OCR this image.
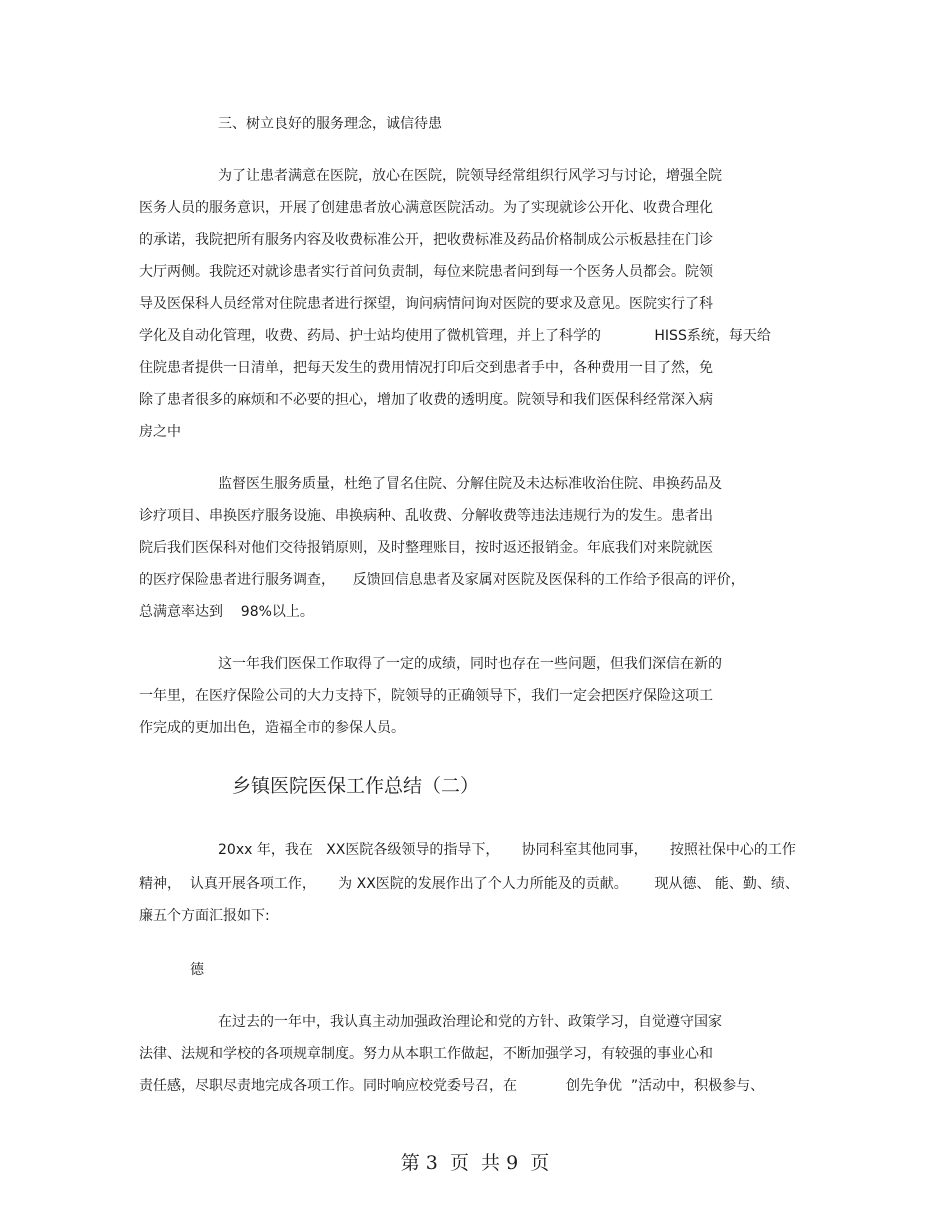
三、树立良好的服务理念，诚信待患
为了让患者满意在医院，放心在医院，院领导经常组织行风学习与讨论，增强全院
医务人员的服务意识，开展了创建患者放心满意医院活动。为了实现就诊公开化、收费合理化
的承诺，我院把所有服务内容及收费标准公开，把收费标准及药品价格制成公示板悬挂在门诊
大厅两侧。我院还对就诊患者实行首问负责制，每位来院患者问到每一个医务人员都会。院领
导及医保科人员经常对住院患者进行探望，询问病情问询对医院的要求及意见。医院实行了科
学化及自动化管理，收费、药局、护士站均使用了微机管理，并上了科学的            HISS系统，每天给
住院患者提供一日清单，把每天发生的费用情况打印后交到患者手中，各种费用一目了然，免
除了患者很多的麻烦和不必要的担心，增加了收费的透明度。院领导和我们医保科经常深入病
房之中
监督医生服务质量，杜绝了冒名住院、分解住院及未达标准收治住院、串换药品及
诊疗项目、串换医疗服务设施、串换病种、乱收费、分解收费等违法违规行为的发生。患者出
院后我们医保科对他们交待报销原则，及时整理账目，按时返还报销金。年底我们对来院就医
的医疗保险患者进行服务调查，    反馈回信息患者及家属对医院及医保科的工作给予很高的评价，
总满意率达到    98%以上。
这一年我们医保工作取得了一定的成绩，同时也存在一些问题，但我们深信在新的
一年里，在医疗保险公司的大力支持下，院领导的正确领导下，我们一定会把医疗保险这项工
作完成的更加出色，造福全市的参保人员。
乡镇医院医保工作总结（二）
20xx 年，我在   XX医院各级领导的指导下，     协同科室其他同事，     按照社保中心的工作
精神，  认真开展各项工作，     为 XX医院的发展作出了个人力所能及的贡献。      现从德、 能、勤、绩、
廉五个方面汇报如下:
德
在过去的一年中，我认真主动加强政治理论和党的方针、政策学习，自觉遵守国家
法律、法规和学校的各项规章制度。努力从本职工作做起，不断加强学习，有较强的事业心和
责任感，尽职尽责地完成各项工作。同时响应校党委号召，在           创先争优  ”活动中，积极参与、
第 3  页  共 9  页
